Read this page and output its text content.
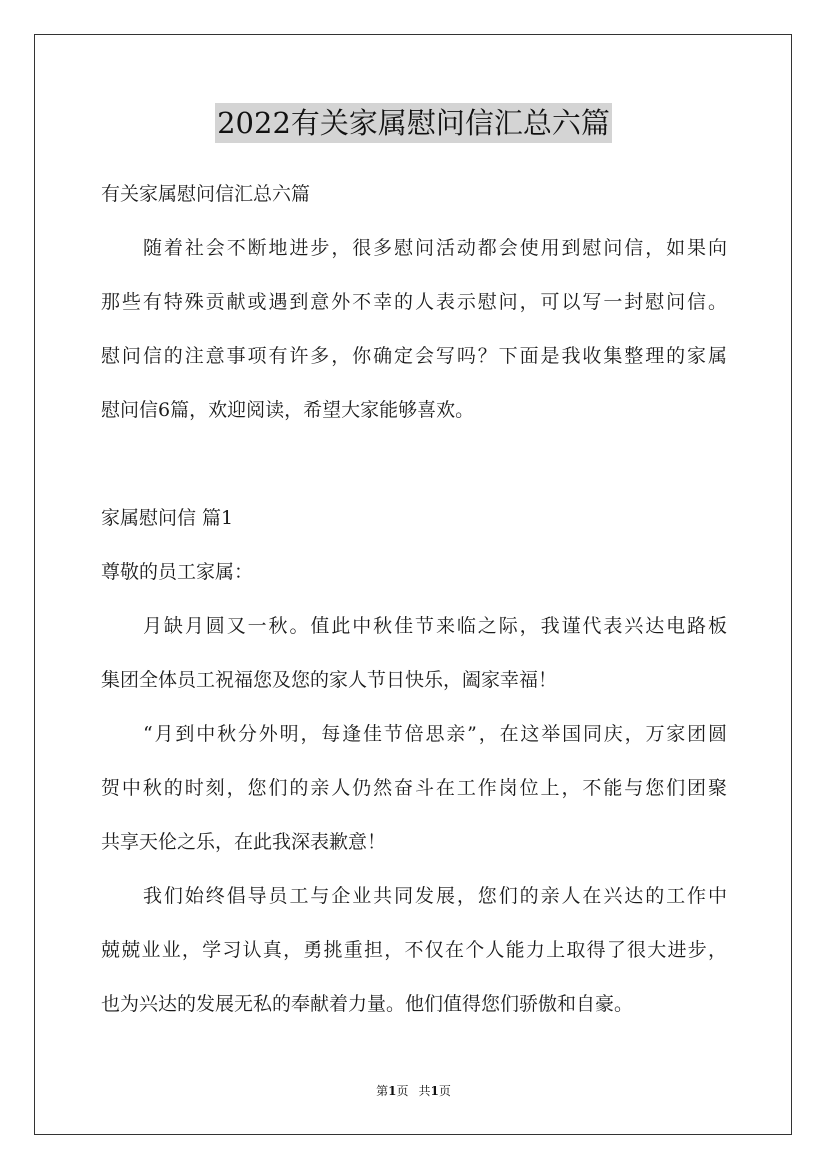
2022有关家属慰问信汇总六篇
有关家属慰问信汇总六篇
随着社会不断地进步，很多慰问活动都会使用到慰问信，如果向
那些有特殊贡献或遇到意外不幸的人表示慰问，可以写一封慰问信。
慰问信的注意事项有许多，你确定会写吗？下面是我收集整理的家属
慰问信6篇，欢迎阅读，希望大家能够喜欢。
家属慰问信 篇1
尊敬的员工家属：
月缺月圆又一秋。值此中秋佳节来临之际，我谨代表兴达电路板
集团全体员工祝福您及您的家人节日快乐，阖家幸福！
“月到中秋分外明，每逢佳节倍思亲”，在这举国同庆，万家团圆
贺中秋的时刻，您们的亲人仍然奋斗在工作岗位上，不能与您们团聚
共享天伦之乐，在此我深表歉意！
我们始终倡导员工与企业共同发展，您们的亲人在兴达的工作中
兢兢业业，学习认真，勇挑重担，不仅在个人能力上取得了很大进步，
也为兴达的发展无私的奉献着力量。他们值得您们骄傲和自豪。
第1页 共1页
